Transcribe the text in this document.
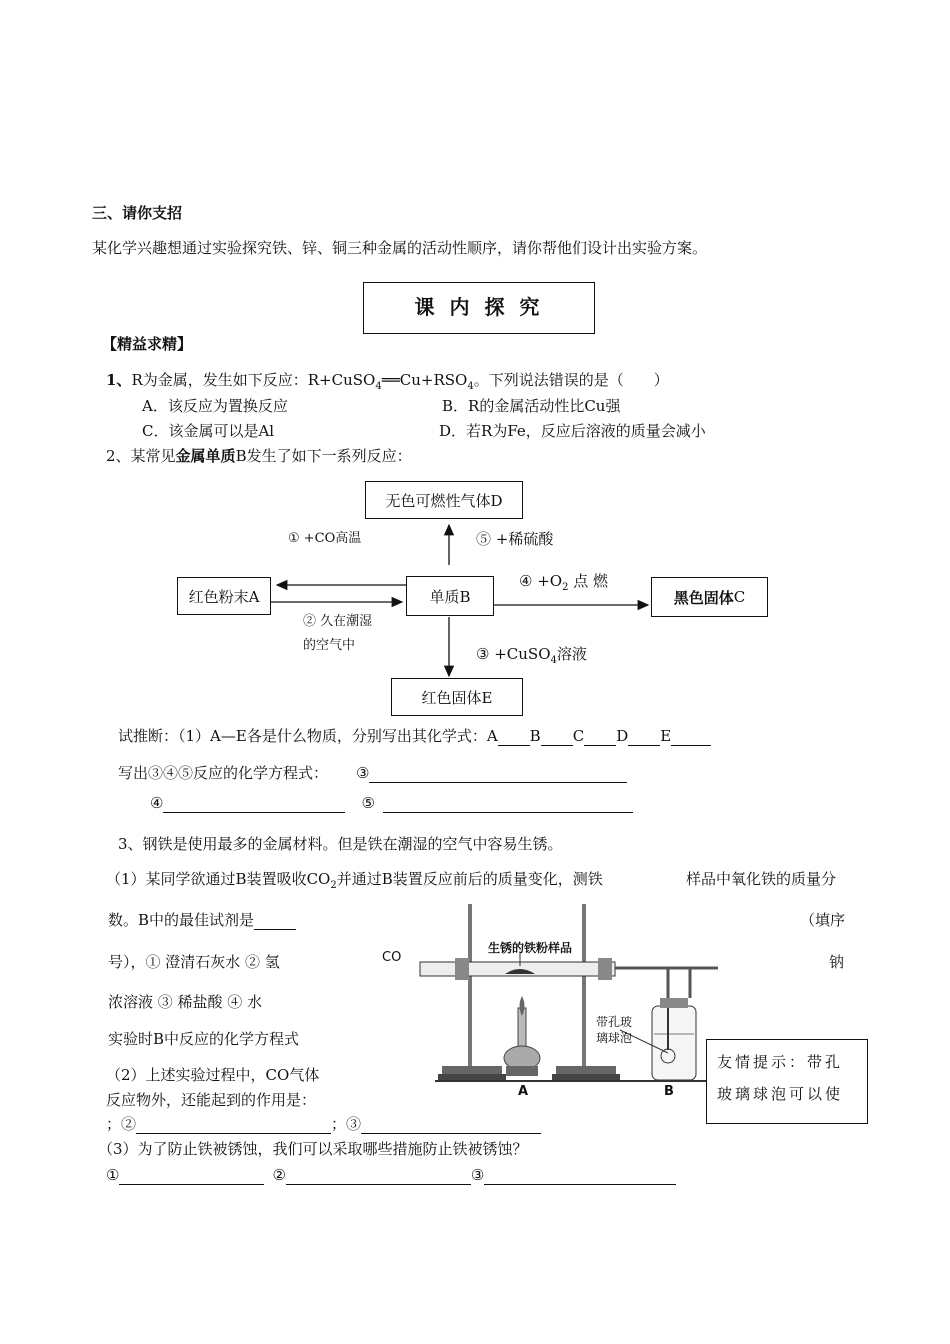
三、请你支招
某化学兴趣想通过实验探究铁、锌、铜三种金属的活动性顺序，请你帮他们设计出实验方案。
课 内 探 究
【精益求精】
1、R为金属，发生如下反应：$R+CuSO_4══Cu+RSO_4$。下列说法错误的是（　　）
A．该反应为置换反应	B．R的金属活动性比Cu强
C．该金属可以是Al	D．若R为Fe，反应后溶液的质量会减小
2、某常见金属单质B发生了如下一系列反应：
无色可燃性气体D
红色粉末A	单质B	黑色固体 C
红色固体E
① +CO高温	⑤ +稀硫酸
④ $+O_2$ 点 燃
② 久在潮湿
的空气中	③ +CuSO$_4$溶液
试推断：（1）A—E各是什么物质，分别写出其化学式：A B C D E
写出③④⑤反应的化学方程式： ③
④	⑤
3、钢铁是使用最多的金属材料。但是铁在潮湿的空气中容易生锈。
（1）某同学欲通过B装置吸收$CO_2$并通过B装置反应前后的质量变化，测铁	样品中氧化铁的质量分
数。B中的最佳试剂是	（填序
号），① 澄清石灰水 ② 氢	钠
浓溶液 ③ 稀盐酸 ④ 水
实验时B中反应的化学方程式
（2）上述实验过程中，CO气体
反应物外，还能起到的作用是：
；②	；③
（3）为了防止铁被锈蚀，我们可以采取哪些措施防止铁被锈蚀？
①	②	③
CO
生锈的铁粉样品
带孔玻
璃球泡
A	B
友情提示：带孔
玻璃球泡可以使
